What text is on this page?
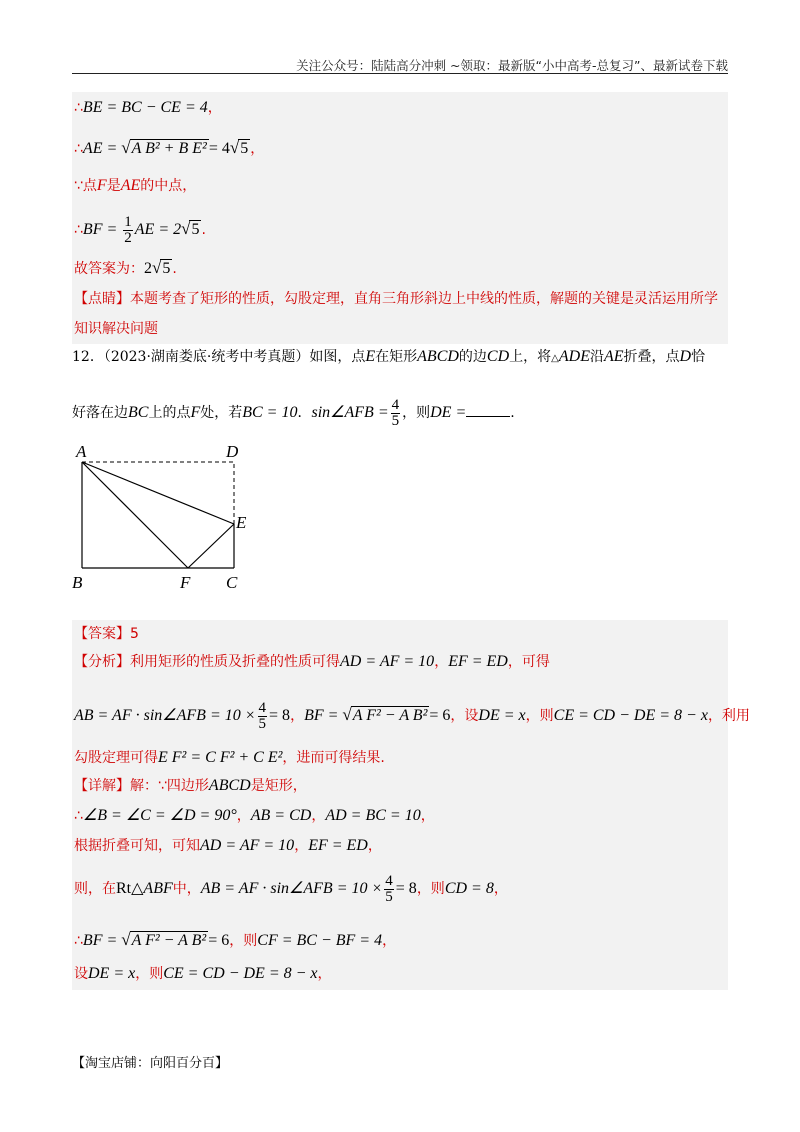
关注公众号：陆陆高分冲刺 ~领取：最新版“小中高考-总复习”、最新试卷下载
∴BE = BC − CE = 4，
∴AE = √A B² + B E² = 4√5 ，
∵点F是AE的中点，
∴BF = $\frac{1}{2}$ AE = 2√5 .
故答案为：2√5 .
【点睛】本题考查了矩形的性质，勾股定理，直角三角形斜边上中线的性质，解题的关键是灵活运用所学
知识解决问题
12．（2023·湖南娄底·统考中考真题）如图，点E在矩形ABCD的边CD上，将△ADE沿AE折叠，点D恰
好落在边BC上的点F处，若BC = 10．sin∠AFB = $\frac{4}{5}$ ，则DE =	.
A	D
E
B	F C
【答案】5
【分析】利用矩形的性质及折叠的性质可得AD = AF = 10，EF = ED，可得
AB = AF · sin∠AFB = $10 \times \frac{4}{5} = 8$，BF = √A F² − A B² = 6，设DE = x，则CE = CD − DE = 8 − x，利用
勾股定理可得E F² = C F² + C E²，进而可得结果.
【详解】解：∵四边形ABCD是矩形，
∴∠B = ∠C = ∠D = 90°，AB = CD，AD = BC = 10，
根据折叠可知，可知AD = AF = 10，EF = ED，
则，在Rt△ABF中，AB = AF · sin∠AFB = $10 \times \frac{4}{5} = 8$，则CD = 8，
∴BF = √A F² − A B² = 6，则CF = BC − BF = 4，
设DE = x，则CE = CD − DE = 8 − x，
【淘宝店铺：向阳百分百】
